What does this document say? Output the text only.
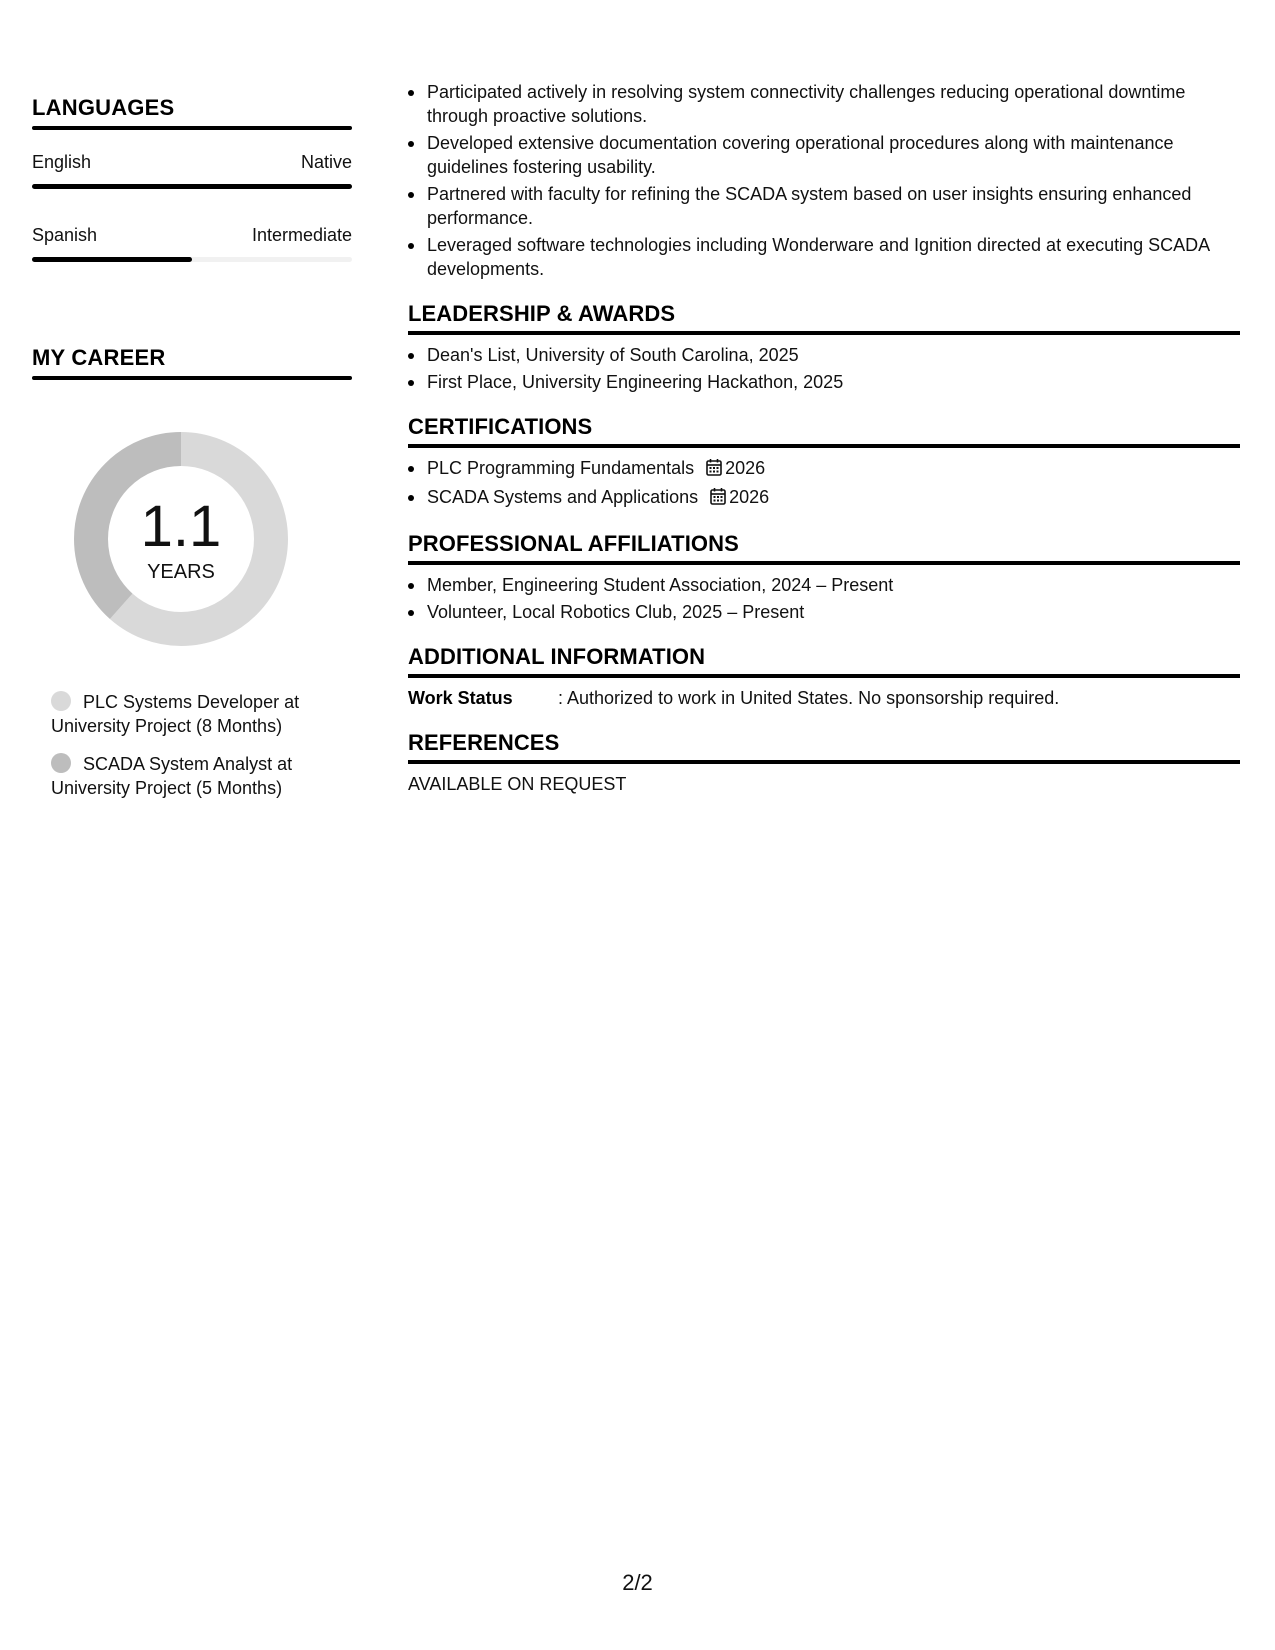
LANGUAGES
English	Native
Spanish	Intermediate
MY CAREER
1.1
YEARS
PLC Systems Developer at University Project (8 Months)
SCADA System Analyst at University Project (5 Months)
Participated actively in resolving system connectivity challenges reducing operational downtime through proactive solutions.
Developed extensive documentation covering operational procedures along with maintenance guidelines fostering usability.
Partnered with faculty for refining the SCADA system based on user insights ensuring enhanced performance.
Leveraged software technologies including Wonderware and Ignition directed at executing SCADA developments.
LEADERSHIP & AWARDS
Dean's List, University of South Carolina, 2025
First Place, University Engineering Hackathon, 2025
CERTIFICATIONS
PLC Programming Fundamentals 2026
SCADA Systems and Applications 2026
PROFESSIONAL AFFILIATIONS
Member, Engineering Student Association, 2024 – Present
Volunteer, Local Robotics Club, 2025 – Present
ADDITIONAL INFORMATION
Work Status	: Authorized to work in United States. No sponsorship required.
REFERENCES
AVAILABLE ON REQUEST
2/2
